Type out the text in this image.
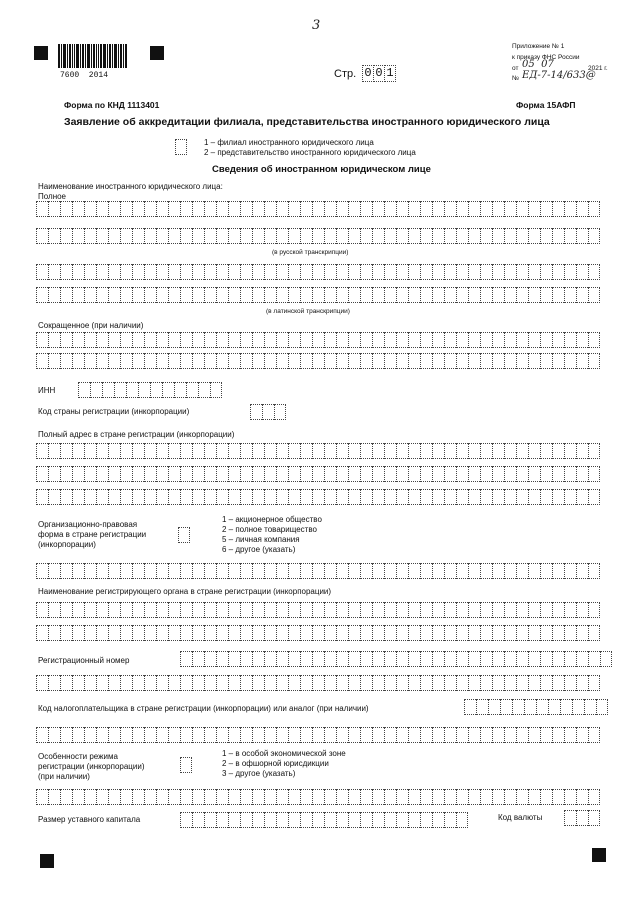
3
7600  2014	Стр. 0 0 1
Приложение № 1
к приказу ФНС России
от 05  07	2021 г.
№ ЕД-7-14/633@
Форма по КНД 1113401	Форма 15АФП
Заявление об аккредитации филиала, представительства иностранного юридического лица
1 – филиал иностранного юридического лица
2 – представительство иностранного юридического лица
Сведения об иностранном юридическом лице
Наименование иностранного юридического лица:
Полное
(в русской транскрипции)
(в латинской транскрипции)
Сокращенное (при наличии)
ИНН
Код страны регистрации (инкорпорации)
Полный адрес в стране регистрации (инкорпорации)
Организационно-правовая
форма в стране регистрации
(инкорпорации)
1 – акционерное общество
2 – полное товарищество
5 – личная компания
6 – другое (указать)
Наименование регистрирующего органа в стране регистрации (инкорпорации)
Регистрационный номер
Код налогоплательщика в стране регистрации (инкорпорации) или аналог (при наличии)
Особенности режима
регистрации (инкорпорации)
(при наличии)
1 – в особой экономической зоне
2 – в офшорной юрисдикции
3 – другое (указать)
Размер уставного капитала	Код валюты
